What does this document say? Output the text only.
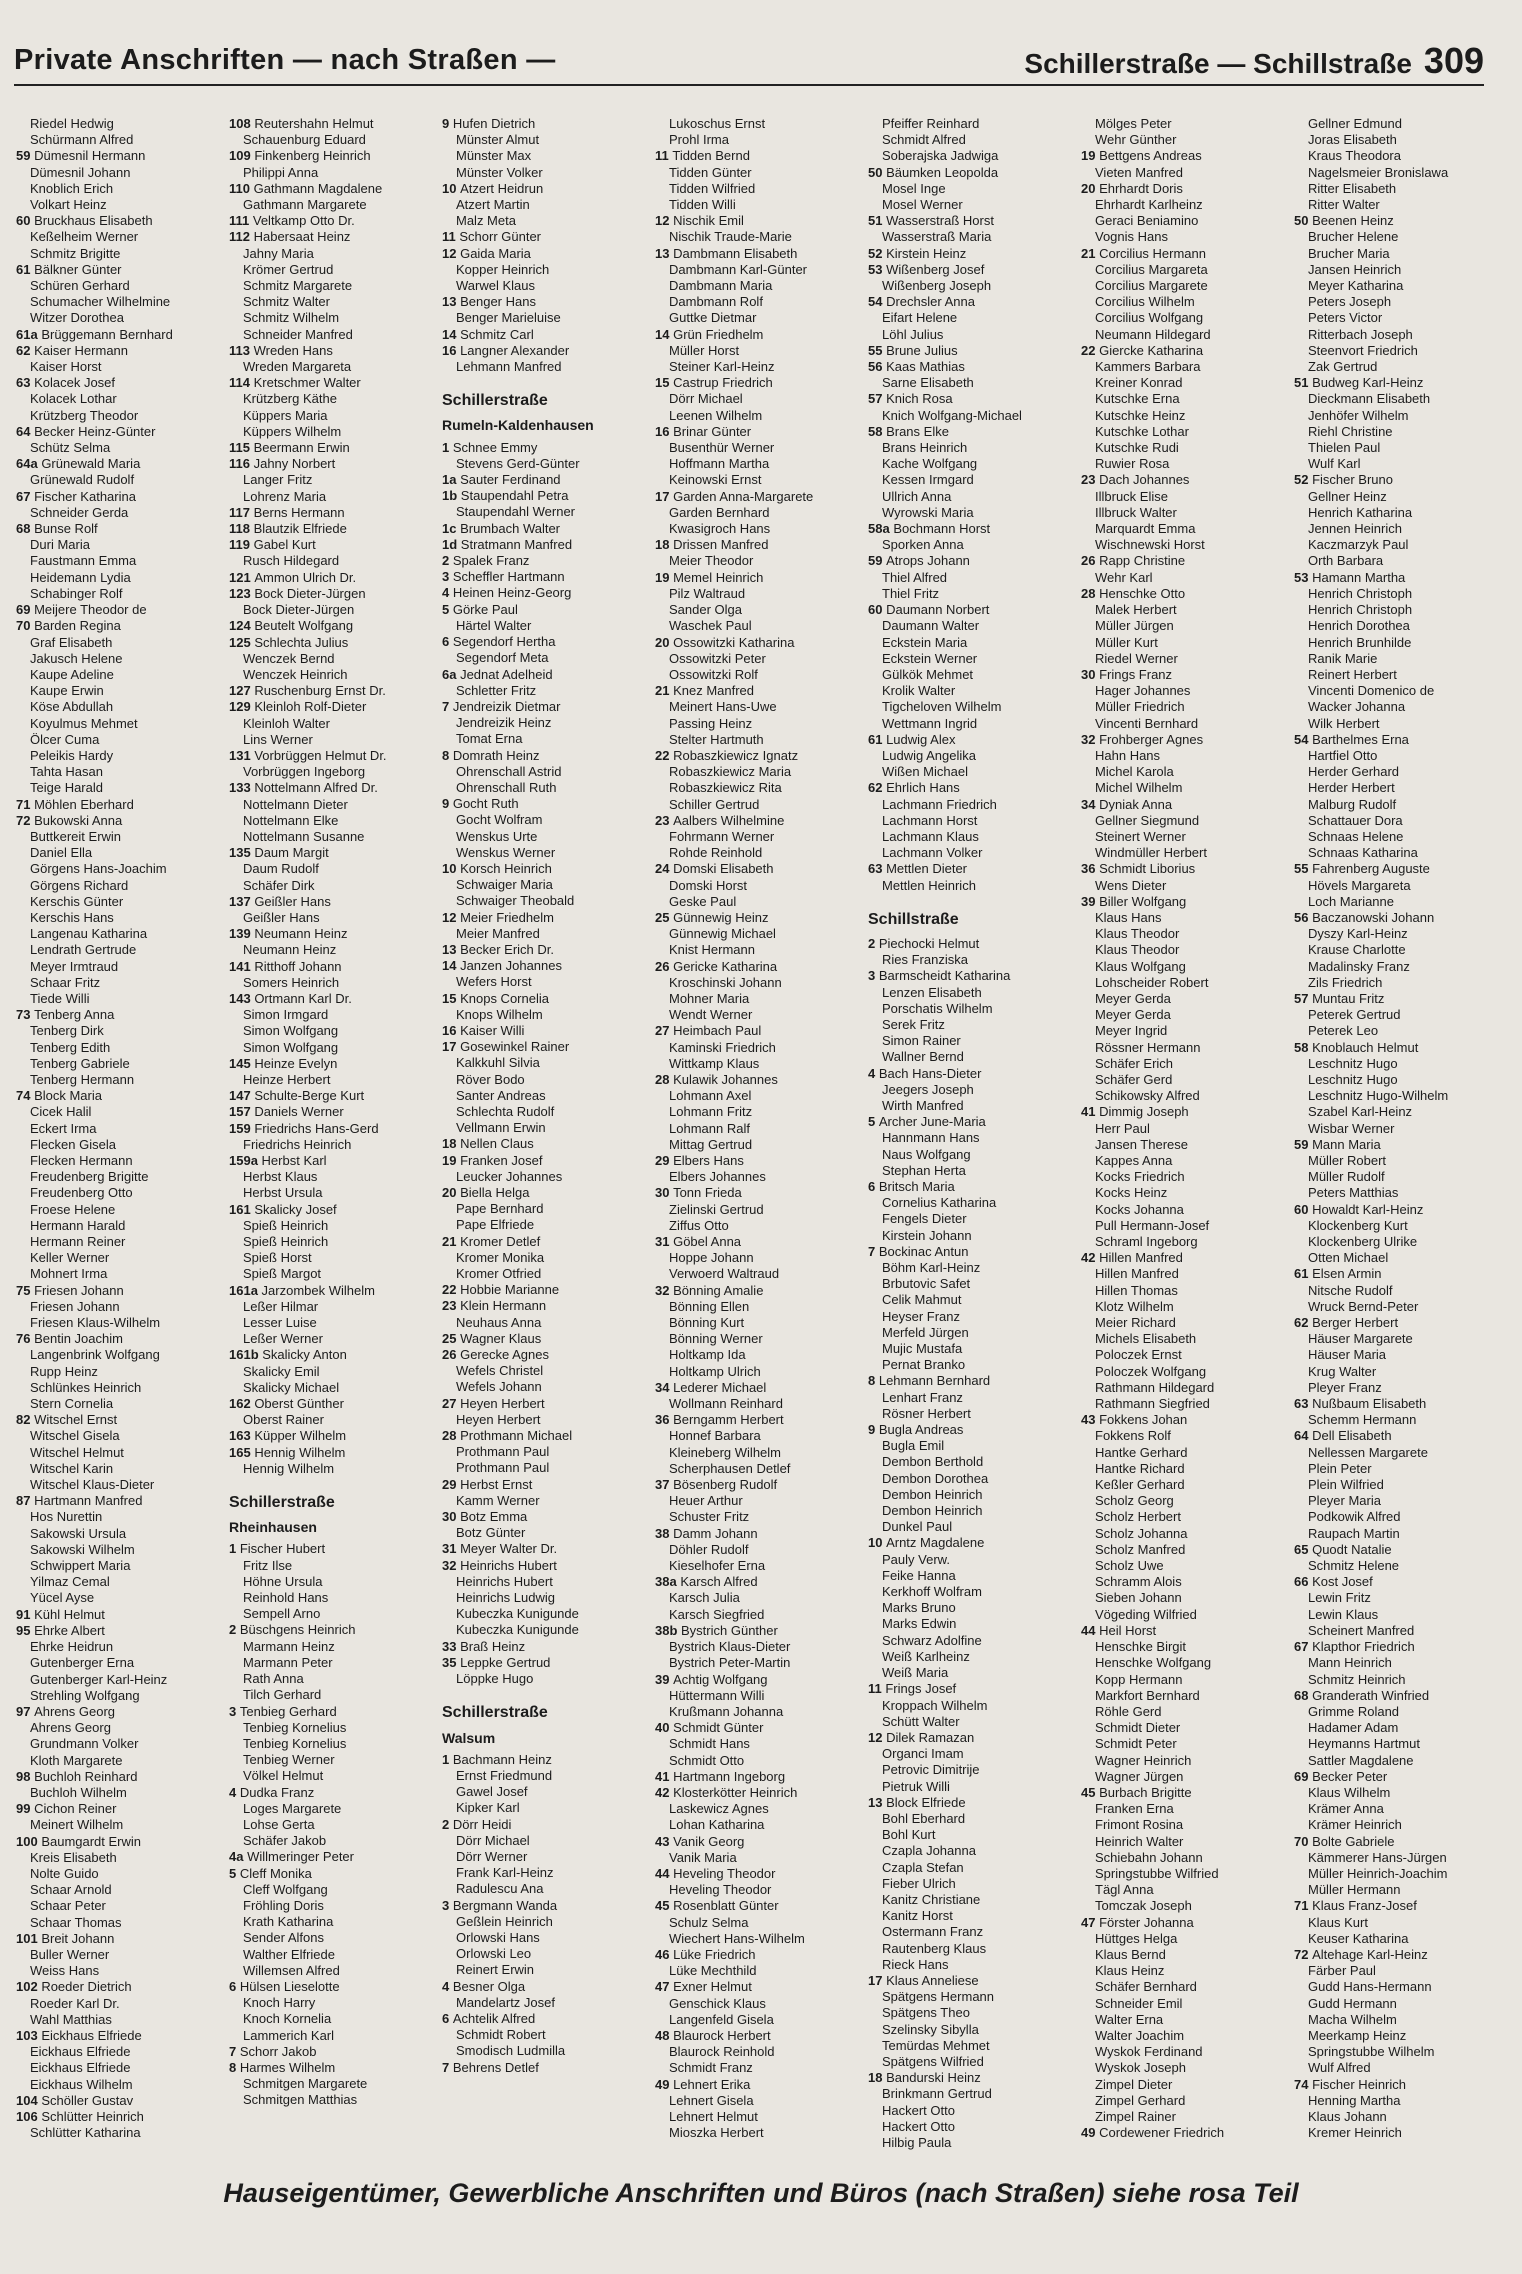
Private Anschriften — nach Straßen —	Schillerstraße — Schillstraße 309
Riedel Hedwig
Schürmann Alfred
59 Dümesnil Hermann
Dümesnil Johann
Knoblich Erich
Volkart Heinz
60 Bruckhaus Elisabeth
Keßelheim Werner
Schmitz Brigitte
61 Bälkner Günter
Schüren Gerhard
Schumacher Wilhelmine
Witzer Dorothea
61a Brüggemann Bernhard
62 Kaiser Hermann
Kaiser Horst
63 Kolacek Josef
Kolacek Lothar
Krützberg Theodor
64 Becker Heinz-Günter
Schütz Selma
64a Grünewald Maria
Grünewald Rudolf
67 Fischer Katharina
Schneider Gerda
68 Bunse Rolf
Duri Maria
Faustmann Emma
Heidemann Lydia
Schabinger Rolf
69 Meijere Theodor de
70 Barden Regina
Graf Elisabeth
Jakusch Helene
Kaupe Adeline
Kaupe Erwin
Köse Abdullah
Koyulmus Mehmet
Ölcer Cuma
Peleikis Hardy
Tahta Hasan
Teige Harald
71 Möhlen Eberhard
72 Bukowski Anna
Buttkereit Erwin
Daniel Ella
Görgens Hans-Joachim
Görgens Richard
Kerschis Günter
Kerschis Hans
Langenau Katharina
Lendrath Gertrude
Meyer Irmtraud
Schaar Fritz
Tiede Willi
73 Tenberg Anna
Tenberg Dirk
Tenberg Edith
Tenberg Gabriele
Tenberg Hermann
74 Block Maria
Cicek Halil
Eckert Irma
Flecken Gisela
Flecken Hermann
Freudenberg Brigitte
Freudenberg Otto
Froese Helene
Hermann Harald
Hermann Reiner
Keller Werner
Mohnert Irma
75 Friesen Johann
Friesen Johann
Friesen Klaus-Wilhelm
76 Bentin Joachim
Langenbrink Wolfgang
Rupp Heinz
Schlünkes Heinrich
Stern Cornelia
82 Witschel Ernst
Witschel Gisela
Witschel Helmut
Witschel Karin
Witschel Klaus-Dieter
87 Hartmann Manfred
Hos Nurettin
Sakowski Ursula
Sakowski Wilhelm
Schwippert Maria
Yilmaz Cemal
Yücel Ayse
91 Kühl Helmut
95 Ehrke Albert
Ehrke Heidrun
Gutenberger Erna
Gutenberger Karl-Heinz
Strehling Wolfgang
97 Ahrens Georg
Ahrens Georg
Grundmann Volker
Kloth Margarete
98 Buchloh Reinhard
Buchloh Wilhelm
99 Cichon Reiner
Meinert Wilhelm
100 Baumgardt Erwin
Kreis Elisabeth
Nolte Guido
Schaar Arnold
Schaar Peter
Schaar Thomas
101 Breit Johann
Buller Werner
Weiss Hans
102 Roeder Dietrich
Roeder Karl Dr.
Wahl Matthias
103 Eickhaus Elfriede
Eickhaus Elfriede
Eickhaus Elfriede
Eickhaus Wilhelm
104 Schöller Gustav
106 Schlütter Heinrich
Schlütter Katharina
108 Reutershahn Helmut
Schauenburg Eduard
109 Finkenberg Heinrich
Philippi Anna
110 Gathmann Magdalene
Gathmann Margarete
111 Veltkamp Otto Dr.
112 Habersaat Heinz
Jahny Maria
Krömer Gertrud
Schmitz Margarete
Schmitz Walter
Schmitz Wilhelm
Schneider Manfred
113 Wreden Hans
Wreden Margareta
114 Kretschmer Walter
Krützberg Käthe
Küppers Maria
Küppers Wilhelm
115 Beermann Erwin
116 Jahny Norbert
Langer Fritz
Lohrenz Maria
117 Berns Hermann
118 Blautzik Elfriede
119 Gabel Kurt
Rusch Hildegard
121 Ammon Ulrich Dr.
123 Bock Dieter-Jürgen
Bock Dieter-Jürgen
124 Beutelt Wolfgang
125 Schlechta Julius
Wenczek Bernd
Wenczek Heinrich
127 Ruschenburg Ernst Dr.
129 Kleinloh Rolf-Dieter
Kleinloh Walter
Lins Werner
131 Vorbrüggen Helmut Dr.
Vorbrüggen Ingeborg
133 Nottelmann Alfred Dr.
Nottelmann Dieter
Nottelmann Elke
Nottelmann Susanne
135 Daum Margit
Daum Rudolf
Schäfer Dirk
137 Geißler Hans
Geißler Hans
139 Neumann Heinz
Neumann Heinz
141 Ritthoff Johann
Somers Heinrich
143 Ortmann Karl Dr.
Simon Irmgard
Simon Wolfgang
Simon Wolfgang
145 Heinze Evelyn
Heinze Herbert
147 Schulte-Berge Kurt
157 Daniels Werner
159 Friedrichs Hans-Gerd
Friedrichs Heinrich
159a Herbst Karl
Herbst Klaus
Herbst Ursula
161 Skalicky Josef
Spieß Heinrich
Spieß Heinrich
Spieß Horst
Spieß Margot
161a Jarzombek Wilhelm
Leßer Hilmar
Lesser Luise
Leßer Werner
161b Skalicky Anton
Skalicky Emil
Skalicky Michael
162 Oberst Günther
Oberst Rainer
163 Küpper Wilhelm
165 Hennig Wilhelm
Hennig Wilhelm
Schillerstraße
Rheinhausen
1 Fischer Hubert
Fritz Ilse
Höhne Ursula
Reinhold Hans
Sempell Arno
2 Büschgens Heinrich
Marmann Heinz
Marmann Peter
Rath Anna
Tilch Gerhard
3 Tenbieg Gerhard
Tenbieg Kornelius
Tenbieg Kornelius
Tenbieg Werner
Völkel Helmut
4 Dudka Franz
Loges Margarete
Lohse Gerta
Schäfer Jakob
4a Willmeringer Peter
5 Cleff Monika
Cleff Wolfgang
Fröhling Doris
Krath Katharina
Sender Alfons
Walther Elfriede
Willemsen Alfred
6 Hülsen Lieselotte
Knoch Harry
Knoch Kornelia
Lammerich Karl
7 Schorr Jakob
8 Harmes Wilhelm
Schmitgen Margarete
Schmitgen Matthias
9 Hufen Dietrich
Münster Almut
Münster Max
Münster Volker
10 Atzert Heidrun
Atzert Martin
Malz Meta
11 Schorr Günter
12 Gaida Maria
Kopper Heinrich
Warwel Klaus
13 Benger Hans
Benger Marieluise
14 Schmitz Carl
16 Langner Alexander
Lehmann Manfred
Schillerstraße
Rumeln-Kaldenhausen
1 Schnee Emmy
Stevens Gerd-Günter
1a Sauter Ferdinand
1b Staupendahl Petra
Staupendahl Werner
1c Brumbach Walter
1d Stratmann Manfred
2 Spalek Franz
3 Scheffler Hartmann
4 Heinen Heinz-Georg
5 Görke Paul
Härtel Walter
6 Segendorf Hertha
Segendorf Meta
6a Jednat Adelheid
Schletter Fritz
7 Jendreizik Dietmar
Jendreizik Heinz
Tomat Erna
8 Domrath Heinz
Ohrenschall Astrid
Ohrenschall Ruth
9 Gocht Ruth
Gocht Wolfram
Wenskus Urte
Wenskus Werner
10 Korsch Heinrich
Schwaiger Maria
Schwaiger Theobald
12 Meier Friedhelm
Meier Manfred
13 Becker Erich Dr.
14 Janzen Johannes
Wefers Horst
15 Knops Cornelia
Knops Wilhelm
16 Kaiser Willi
17 Gosewinkel Rainer
Kalkkuhl Silvia
Röver Bodo
Santer Andreas
Schlechta Rudolf
Vellmann Erwin
18 Nellen Claus
19 Franken Josef
Leucker Johannes
20 Biella Helga
Pape Bernhard
Pape Elfriede
21 Kromer Detlef
Kromer Monika
Kromer Otfried
22 Hobbie Marianne
23 Klein Hermann
Neuhaus Anna
25 Wagner Klaus
26 Gerecke Agnes
Wefels Christel
Wefels Johann
27 Heyen Herbert
Heyen Herbert
28 Prothmann Michael
Prothmann Paul
Prothmann Paul
29 Herbst Ernst
Kamm Werner
30 Botz Emma
Botz Günter
31 Meyer Walter Dr.
32 Heinrichs Hubert
Heinrichs Hubert
Heinrichs Ludwig
Kubeczka Kunigunde
Kubeczka Kunigunde
33 Braß Heinz
35 Leppke Gertrud
Löppke Hugo
Schillerstraße
Walsum
1 Bachmann Heinz
Ernst Friedmund
Gawel Josef
Kipker Karl
2 Dörr Heidi
Dörr Michael
Dörr Werner
Frank Karl-Heinz
Radulescu Ana
3 Bergmann Wanda
Geßlein Heinrich
Orlowski Hans
Orlowski Leo
Reinert Erwin
4 Besner Olga
Mandelartz Josef
6 Achtelik Alfred
Schmidt Robert
Smodisch Ludmilla
7 Behrens Detlef
Lukoschus Ernst
Prohl Irma
11 Tidden Bernd
Tidden Günter
Tidden Wilfried
Tidden Willi
12 Nischik Emil
Nischik Traude-Marie
13 Dambmann Elisabeth
Dambmann Karl-Günter
Dambmann Maria
Dambmann Rolf
Guttke Dietmar
14 Grün Friedhelm
Müller Horst
Steiner Karl-Heinz
15 Castrup Friedrich
Dörr Michael
Leenen Wilhelm
16 Brinar Günter
Busenthür Werner
Hoffmann Martha
Keinowski Ernst
17 Garden Anna-Margarete
Garden Bernhard
Kwasigroch Hans
18 Drissen Manfred
Meier Theodor
19 Memel Heinrich
Pilz Waltraud
Sander Olga
Waschek Paul
20 Ossowitzki Katharina
Ossowitzki Peter
Ossowitzki Rolf
21 Knez Manfred
Meinert Hans-Uwe
Passing Heinz
Stelter Hartmuth
22 Robaszkiewicz Ignatz
Robaszkiewicz Maria
Robaszkiewicz Rita
Schiller Gertrud
23 Aalbers Wilhelmine
Fohrmann Werner
Rohde Reinhold
24 Domski Elisabeth
Domski Horst
Geske Paul
25 Günnewig Heinz
Günnewig Michael
Knist Hermann
26 Gericke Katharina
Kroschinski Johann
Mohner Maria
Wendt Werner
27 Heimbach Paul
Kaminski Friedrich
Wittkamp Klaus
28 Kulawik Johannes
Lohmann Axel
Lohmann Fritz
Lohmann Ralf
Mittag Gertrud
29 Elbers Hans
Elbers Johannes
30 Tonn Frieda
Zielinski Gertrud
Ziffus Otto
31 Göbel Anna
Hoppe Johann
Verwoerd Waltraud
32 Bönning Amalie
Bönning Ellen
Bönning Kurt
Bönning Werner
Holtkamp Ida
Holtkamp Ulrich
34 Lederer Michael
Wollmann Reinhard
36 Berngamm Herbert
Honnef Barbara
Kleineberg Wilhelm
Scherphausen Detlef
37 Bösenberg Rudolf
Heuer Arthur
Schuster Fritz
38 Damm Johann
Döhler Rudolf
Kieselhofer Erna
38a Karsch Alfred
Karsch Julia
Karsch Siegfried
38b Bystrich Günther
Bystrich Klaus-Dieter
Bystrich Peter-Martin
39 Achtig Wolfgang
Hüttermann Willi
Krußmann Johanna
40 Schmidt Günter
Schmidt Hans
Schmidt Otto
41 Hartmann Ingeborg
42 Klosterkötter Heinrich
Laskewicz Agnes
Lohan Katharina
43 Vanik Georg
Vanik Maria
44 Heveling Theodor
Heveling Theodor
45 Rosenblatt Günter
Schulz Selma
Wiechert Hans-Wilhelm
46 Lüke Friedrich
Lüke Mechthild
47 Exner Helmut
Genschick Klaus
Langenfeld Gisela
48 Blaurock Herbert
Blaurock Reinhold
Schmidt Franz
49 Lehnert Erika
Lehnert Gisela
Lehnert Helmut
Mioszka Herbert
Pfeiffer Reinhard
Schmidt Alfred
Soberajska Jadwiga
50 Bäumken Leopolda
Mosel Inge
Mosel Werner
51 Wasserstraß Horst
Wasserstraß Maria
52 Kirstein Heinz
53 Wißenberg Josef
Wißenberg Joseph
54 Drechsler Anna
Eifart Helene
Löhl Julius
55 Brune Julius
56 Kaas Mathias
Sarne Elisabeth
57 Knich Rosa
Knich Wolfgang-Michael
58 Brans Elke
Brans Heinrich
Kache Wolfgang
Kessen Irmgard
Ullrich Anna
Wyrowski Maria
58a Bochmann Horst
Sporken Anna
59 Atrops Johann
Thiel Alfred
Thiel Fritz
60 Daumann Norbert
Daumann Walter
Eckstein Maria
Eckstein Werner
Gülkök Mehmet
Krolik Walter
Tigcheloven Wilhelm
Wettmann Ingrid
61 Ludwig Alex
Ludwig Angelika
Wißen Michael
62 Ehrlich Hans
Lachmann Friedrich
Lachmann Horst
Lachmann Klaus
Lachmann Volker
63 Mettlen Dieter
Mettlen Heinrich
Schillstraße
2 Piechocki Helmut
Ries Franziska
3 Barmscheidt Katharina
Lenzen Elisabeth
Porschatis Wilhelm
Serek Fritz
Simon Rainer
Wallner Bernd
4 Bach Hans-Dieter
Jeegers Joseph
Wirth Manfred
5 Archer June-Maria
Hannmann Hans
Naus Wolfgang
Stephan Herta
6 Britsch Maria
Cornelius Katharina
Fengels Dieter
Kirstein Johann
7 Bockinac Antun
Böhm Karl-Heinz
Brbutovic Safet
Celik Mahmut
Heyser Franz
Merfeld Jürgen
Mujic Mustafa
Pernat Branko
8 Lehmann Bernhard
Lenhart Franz
Rösner Herbert
9 Bugla Andreas
Bugla Emil
Dembon Berthold
Dembon Dorothea
Dembon Heinrich
Dembon Heinrich
Dunkel Paul
10 Arntz Magdalene
Pauly Verw.
Feike Hanna
Kerkhoff Wolfram
Marks Bruno
Marks Edwin
Schwarz Adolfine
Weiß Karlheinz
Weiß Maria
11 Frings Josef
Kroppach Wilhelm
Schütt Walter
12 Dilek Ramazan
Organci Imam
Petrovic Dimitrije
Pietruk Willi
13 Block Elfriede
Bohl Eberhard
Bohl Kurt
Czapla Johanna
Czapla Stefan
Fieber Ulrich
Kanitz Christiane
Kanitz Horst
Ostermann Franz
Rautenberg Klaus
Rieck Hans
17 Klaus Anneliese
Spätgens Hermann
Spätgens Theo
Szelinsky Sibylla
Temürdas Mehmet
Spätgens Wilfried
18 Bandurski Heinz
Brinkmann Gertrud
Hackert Otto
Hackert Otto
Hilbig Paula
Mölges Peter
Wehr Günther
19 Bettgens Andreas
Vieten Manfred
20 Ehrhardt Doris
Ehrhardt Karlheinz
Geraci Beniamino
Vognis Hans
21 Corcilius Hermann
Corcilius Margareta
Corcilius Margarete
Corcilius Wilhelm
Corcilius Wolfgang
Neumann Hildegard
22 Giercke Katharina
Kammers Barbara
Kreiner Konrad
Kutschke Erna
Kutschke Heinz
Kutschke Lothar
Kutschke Rudi
Ruwier Rosa
23 Dach Johannes
Illbruck Elise
Illbruck Walter
Marquardt Emma
Wischnewski Horst
26 Rapp Christine
Wehr Karl
28 Henschke Otto
Malek Herbert
Müller Jürgen
Müller Kurt
Riedel Werner
30 Frings Franz
Hager Johannes
Müller Friedrich
Vincenti Bernhard
32 Frohberger Agnes
Hahn Hans
Michel Karola
Michel Wilhelm
34 Dyniak Anna
Gellner Siegmund
Steinert Werner
Windmüller Herbert
36 Schmidt Liborius
Wens Dieter
39 Biller Wolfgang
Klaus Hans
Klaus Theodor
Klaus Theodor
Klaus Wolfgang
Lohscheider Robert
Meyer Gerda
Meyer Gerda
Meyer Ingrid
Rössner Hermann
Schäfer Erich
Schäfer Gerd
Schikowsky Alfred
41 Dimmig Joseph
Herr Paul
Jansen Therese
Kappes Anna
Kocks Friedrich
Kocks Heinz
Kocks Johanna
Pull Hermann-Josef
Schraml Ingeborg
42 Hillen Manfred
Hillen Manfred
Hillen Thomas
Klotz Wilhelm
Meier Richard
Michels Elisabeth
Poloczek Ernst
Poloczek Wolfgang
Rathmann Hildegard
Rathmann Siegfried
43 Fokkens Johan
Fokkens Rolf
Hantke Gerhard
Hantke Richard
Keßler Gerhard
Scholz Georg
Scholz Herbert
Scholz Johanna
Scholz Manfred
Scholz Uwe
Schramm Alois
Sieben Johann
Vögeding Wilfried
44 Heil Horst
Henschke Birgit
Henschke Wolfgang
Kopp Hermann
Markfort Bernhard
Röhle Gerd
Schmidt Dieter
Schmidt Peter
Wagner Heinrich
Wagner Jürgen
45 Burbach Brigitte
Franken Erna
Frimont Rosina
Heinrich Walter
Schiebahn Johann
Springstubbe Wilfried
Tägl Anna
Tomczak Joseph
47 Förster Johanna
Hüttges Helga
Klaus Bernd
Klaus Heinz
Schäfer Bernhard
Schneider Emil
Walter Erna
Walter Joachim
Wyskok Ferdinand
Wyskok Joseph
Zimpel Dieter
Zimpel Gerhard
Zimpel Rainer
49 Cordewener Friedrich
Gellner Edmund
Joras Elisabeth
Kraus Theodora
Nagelsmeier Bronislawa
Ritter Elisabeth
Ritter Walter
50 Beenen Heinz
Brucher Helene
Brucher Maria
Jansen Heinrich
Meyer Katharina
Peters Joseph
Peters Victor
Ritterbach Joseph
Steenvort Friedrich
Zak Gertrud
51 Budweg Karl-Heinz
Dieckmann Elisabeth
Jenhöfer Wilhelm
Riehl Christine
Thielen Paul
Wulf Karl
52 Fischer Bruno
Gellner Heinz
Henrich Katharina
Jennen Heinrich
Kaczmarzyk Paul
Orth Barbara
53 Hamann Martha
Henrich Christoph
Henrich Christoph
Henrich Dorothea
Henrich Brunhilde
Ranik Marie
Reinert Herbert
Vincenti Domenico de
Wacker Johanna
Wilk Herbert
54 Barthelmes Erna
Hartfiel Otto
Herder Gerhard
Herder Herbert
Malburg Rudolf
Schattauer Dora
Schnaas Helene
Schnaas Katharina
55 Fahrenberg Auguste
Hövels Margareta
Loch Marianne
56 Baczanowski Johann
Dyszy Karl-Heinz
Krause Charlotte
Madalinsky Franz
Zils Friedrich
57 Muntau Fritz
Peterek Gertrud
Peterek Leo
58 Knoblauch Helmut
Leschnitz Hugo
Leschnitz Hugo
Leschnitz Hugo-Wilhelm
Szabel Karl-Heinz
Wisbar Werner
59 Mann Maria
Müller Robert
Müller Rudolf
Peters Matthias
60 Howaldt Karl-Heinz
Klockenberg Kurt
Klockenberg Ulrike
Otten Michael
61 Elsen Armin
Nitsche Rudolf
Wruck Bernd-Peter
62 Berger Herbert
Häuser Margarete
Häuser Maria
Krug Walter
Pleyer Franz
63 Nußbaum Elisabeth
Schemm Hermann
64 Dell Elisabeth
Nellessen Margarete
Plein Peter
Plein Wilfried
Pleyer Maria
Podkowik Alfred
Raupach Martin
65 Quodt Natalie
Schmitz Helene
66 Kost Josef
Lewin Fritz
Lewin Klaus
Scheinert Manfred
67 Klapthor Friedrich
Mann Heinrich
Schmitz Heinrich
68 Granderath Winfried
Grimme Roland
Hadamer Adam
Heymanns Hartmut
Sattler Magdalene
69 Becker Peter
Klaus Wilhelm
Krämer Anna
Krämer Heinrich
70 Bolte Gabriele
Kämmerer Hans-Jürgen
Müller Heinrich-Joachim
Müller Hermann
71 Klaus Franz-Josef
Klaus Kurt
Keuser Katharina
72 Altehage Karl-Heinz
Färber Paul
Gudd Hans-Hermann
Gudd Hermann
Macha Wilhelm
Meerkamp Heinz
Springstubbe Wilhelm
Wulf Alfred
74 Fischer Heinrich
Henning Martha
Klaus Johann
Kremer Heinrich
Hauseigentümer, Gewerbliche Anschriften und Büros (nach Straßen) siehe rosa Teil
